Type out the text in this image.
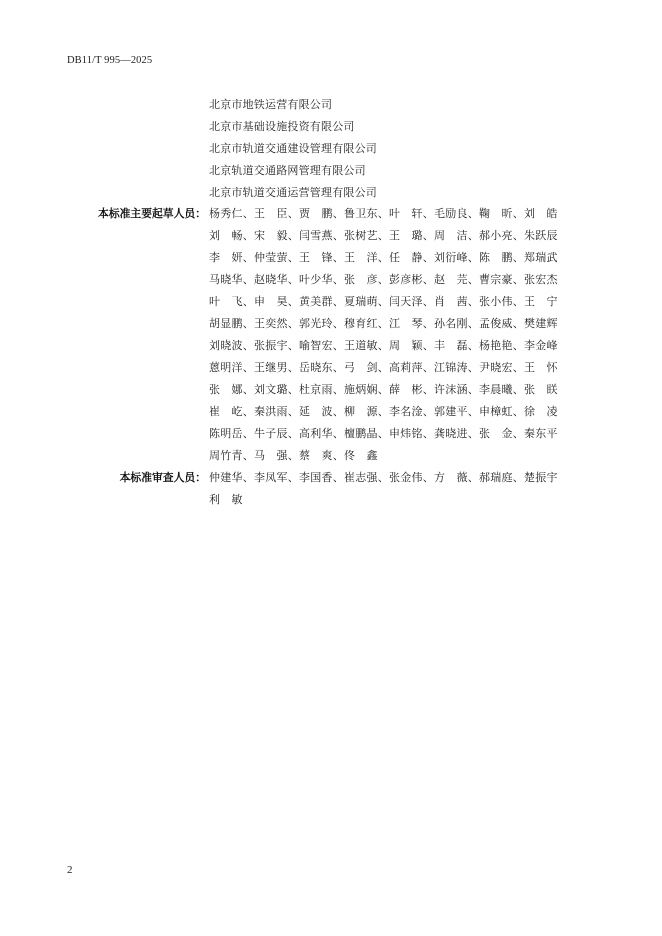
DB11/T 995—2025
北京市地铁运营有限公司
北京市基础设施投资有限公司
北京市轨道交通建设管理有限公司
北京轨道交通路网管理有限公司
北京市轨道交通运营管理有限公司
本标准主要起草人员： 杨秀仁、王　臣、贾　鹏、鲁卫东、叶　轩、毛励良、鞠　昕、刘　皓
刘　畅、宋　毅、闫雪燕、张树艺、王　璐、周　洁、郝小亮、朱跃辰
李　妍、仲莹萤、王　锋、王　洋、任　静、刘衍峰、陈　鹏、郑瑞武
马晓华、赵晓华、叶少华、张　彦、彭彦彬、赵　芫、曹宗豪、张宏杰
叶　飞、申　昊、黄美群、夏瑞萌、闫天泽、肖　茜、张小伟、王　宁
胡显鹏、王奕然、郭光玲、穆育红、江　琴、孙名刚、孟俊威、樊建辉
刘晓波、张振宇、喻智宏、王道敏、周　颖、丰　磊、杨艳艳、李金峰
蒽明洋、王继男、岳晓东、弓　剑、高莉萍、江锦涛、尹晓宏、王　怀
张　娜、刘文璐、杜京雨、施炳娴、薛　彬、许沫涵、李晨曦、张　眹
崔　屹、秦洪雨、延　波、柳　源、李名淦、郭建平、申樟虹、徐　凌
陈明岳、牛子辰、高利华、檀鹏晶、申炜铭、龚晓进、张　金、秦东平
周竹青、马　强、蔡　爽、佟　鑫
本标准审查人员： 仲建华、李凤军、李国香、崔志强、张金伟、方　薇、郝瑞庭、楚振宇
利　敏
2
